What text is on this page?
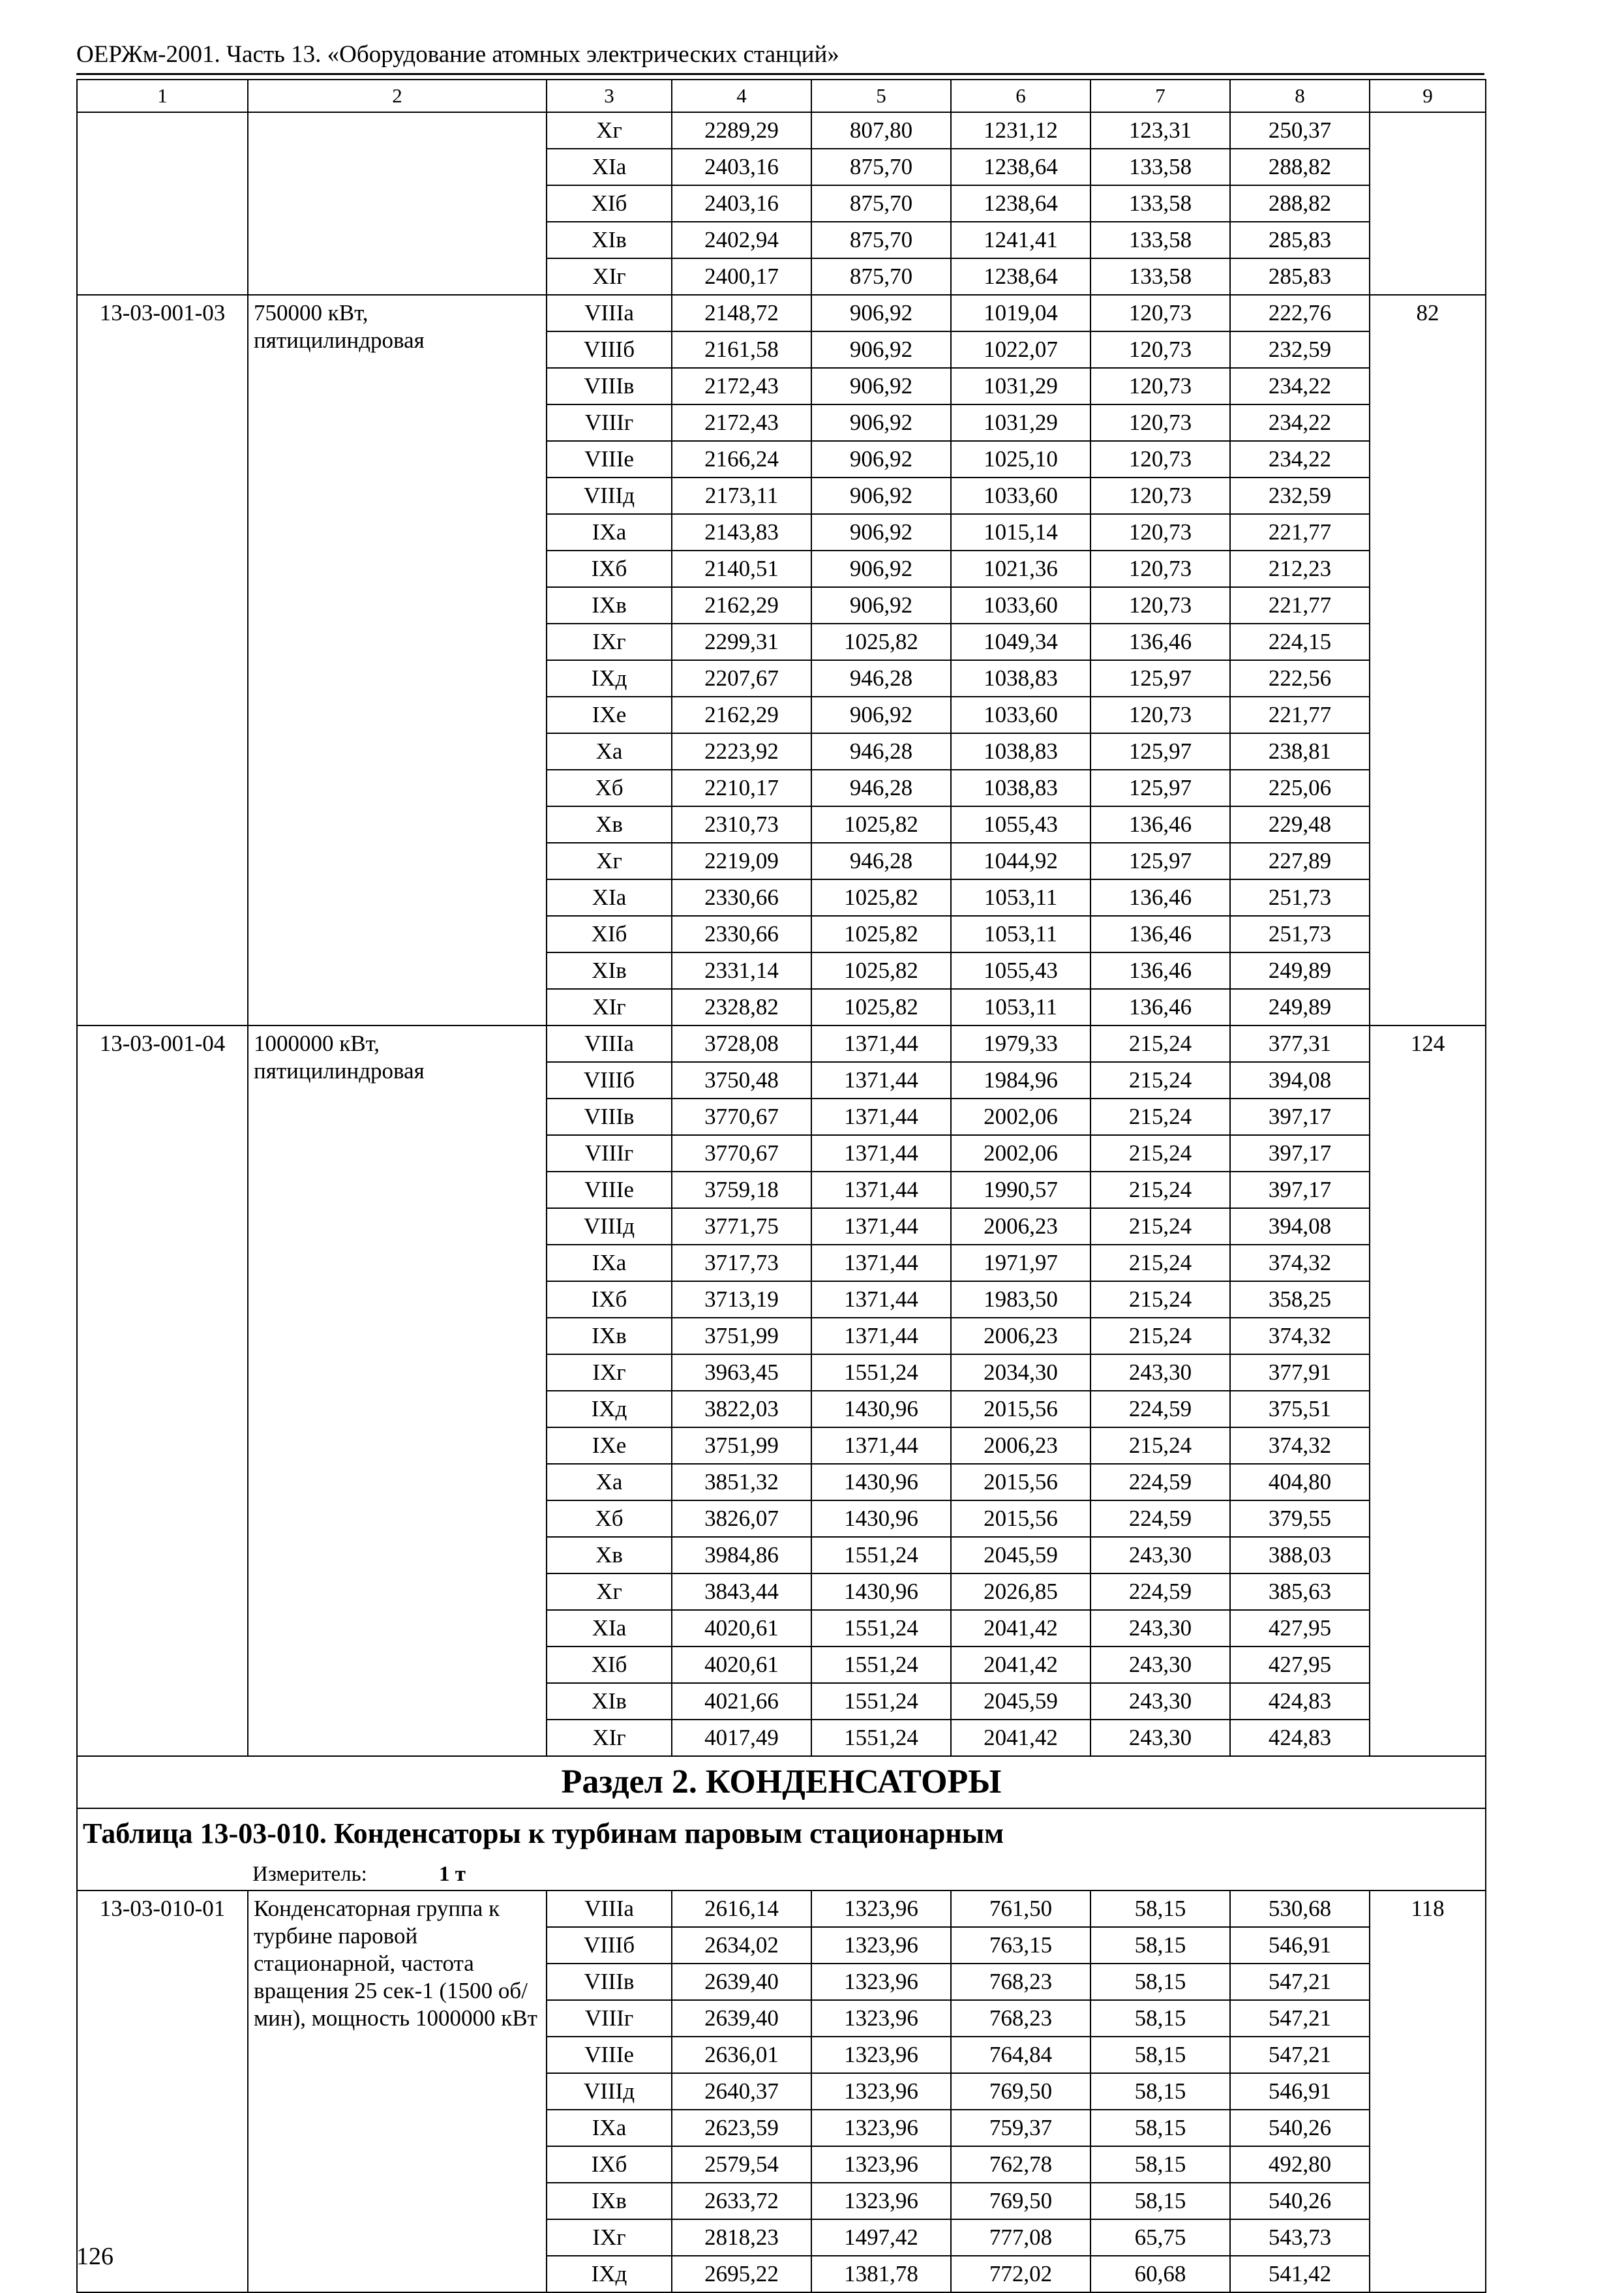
ОЕРЖм-2001. Часть 13. «Оборудование атомных электрических станций»
1	2	3	4	5	6	7	8	9
		Xг	2289,29	807,80	1231,12	123,31	250,37	
		XIа	2403,16	875,70	1238,64	133,58	288,82	
		XIб	2403,16	875,70	1238,64	133,58	288,82	
		XIв	2402,94	875,70	1241,41	133,58	285,83	
		XIг	2400,17	875,70	1238,64	133,58	285,83	
13-03-001-03	750000 кВт, пятицилиндровая	VIIIа	2148,72	906,92	1019,04	120,73	222,76	82
		VIIIб	2161,58	906,92	1022,07	120,73	232,59	
		VIIIв	2172,43	906,92	1031,29	120,73	234,22	
		VIIIг	2172,43	906,92	1031,29	120,73	234,22	
		VIIIе	2166,24	906,92	1025,10	120,73	234,22	
		VIIIд	2173,11	906,92	1033,60	120,73	232,59	
		IXа	2143,83	906,92	1015,14	120,73	221,77	
		IXб	2140,51	906,92	1021,36	120,73	212,23	
		IXв	2162,29	906,92	1033,60	120,73	221,77	
		IXг	2299,31	1025,82	1049,34	136,46	224,15	
		IXд	2207,67	946,28	1038,83	125,97	222,56	
		IXе	2162,29	906,92	1033,60	120,73	221,77	
		Xа	2223,92	946,28	1038,83	125,97	238,81	
		Xб	2210,17	946,28	1038,83	125,97	225,06	
		Xв	2310,73	1025,82	1055,43	136,46	229,48	
		Xг	2219,09	946,28	1044,92	125,97	227,89	
		XIа	2330,66	1025,82	1053,11	136,46	251,73	
		XIб	2330,66	1025,82	1053,11	136,46	251,73	
		XIв	2331,14	1025,82	1055,43	136,46	249,89	
		XIг	2328,82	1025,82	1053,11	136,46	249,89	
13-03-001-04	1000000 кВт, пятицилиндровая	VIIIа	3728,08	1371,44	1979,33	215,24	377,31	124
		VIIIб	3750,48	1371,44	1984,96	215,24	394,08	
		VIIIв	3770,67	1371,44	2002,06	215,24	397,17	
		VIIIг	3770,67	1371,44	2002,06	215,24	397,17	
		VIIIе	3759,18	1371,44	1990,57	215,24	397,17	
		VIIIд	3771,75	1371,44	2006,23	215,24	394,08	
		IXа	3717,73	1371,44	1971,97	215,24	374,32	
		IXб	3713,19	1371,44	1983,50	215,24	358,25	
		IXв	3751,99	1371,44	2006,23	215,24	374,32	
		IXг	3963,45	1551,24	2034,30	243,30	377,91	
		IXд	3822,03	1430,96	2015,56	224,59	375,51	
		IXе	3751,99	1371,44	2006,23	215,24	374,32	
		Xа	3851,32	1430,96	2015,56	224,59	404,80	
		Xб	3826,07	1430,96	2015,56	224,59	379,55	
		Xв	3984,86	1551,24	2045,59	243,30	388,03	
		Xг	3843,44	1430,96	2026,85	224,59	385,63	
		XIа	4020,61	1551,24	2041,42	243,30	427,95	
		XIб	4020,61	1551,24	2041,42	243,30	427,95	
		XIв	4021,66	1551,24	2045,59	243,30	424,83	
		XIг	4017,49	1551,24	2041,42	243,30	424,83	
Раздел 2. КОНДЕНСАТОРЫ								
Таблица 13-03-010. Конденсаторы к турбинам паровым стационарным								
Измеритель: 1 т								
13-03-010-01	Конденсаторная группа к турбине паровой стационарной, частота вращения 25 сек-1 (1500 об/мин), мощность 1000000 кВт	VIIIа	2616,14	1323,96	761,50	58,15	530,68	118
		VIIIб	2634,02	1323,96	763,15	58,15	546,91	
		VIIIв	2639,40	1323,96	768,23	58,15	547,21	
		VIIIг	2639,40	1323,96	768,23	58,15	547,21	
		VIIIе	2636,01	1323,96	764,84	58,15	547,21	
		VIIIд	2640,37	1323,96	769,50	58,15	546,91	
		IXа	2623,59	1323,96	759,37	58,15	540,26	
		IXб	2579,54	1323,96	762,78	58,15	492,80	
		IXв	2633,72	1323,96	769,50	58,15	540,26	
		IXг	2818,23	1497,42	777,08	65,75	543,73	
		IXд	2695,22	1381,78	772,02	60,68	541,42	
126
